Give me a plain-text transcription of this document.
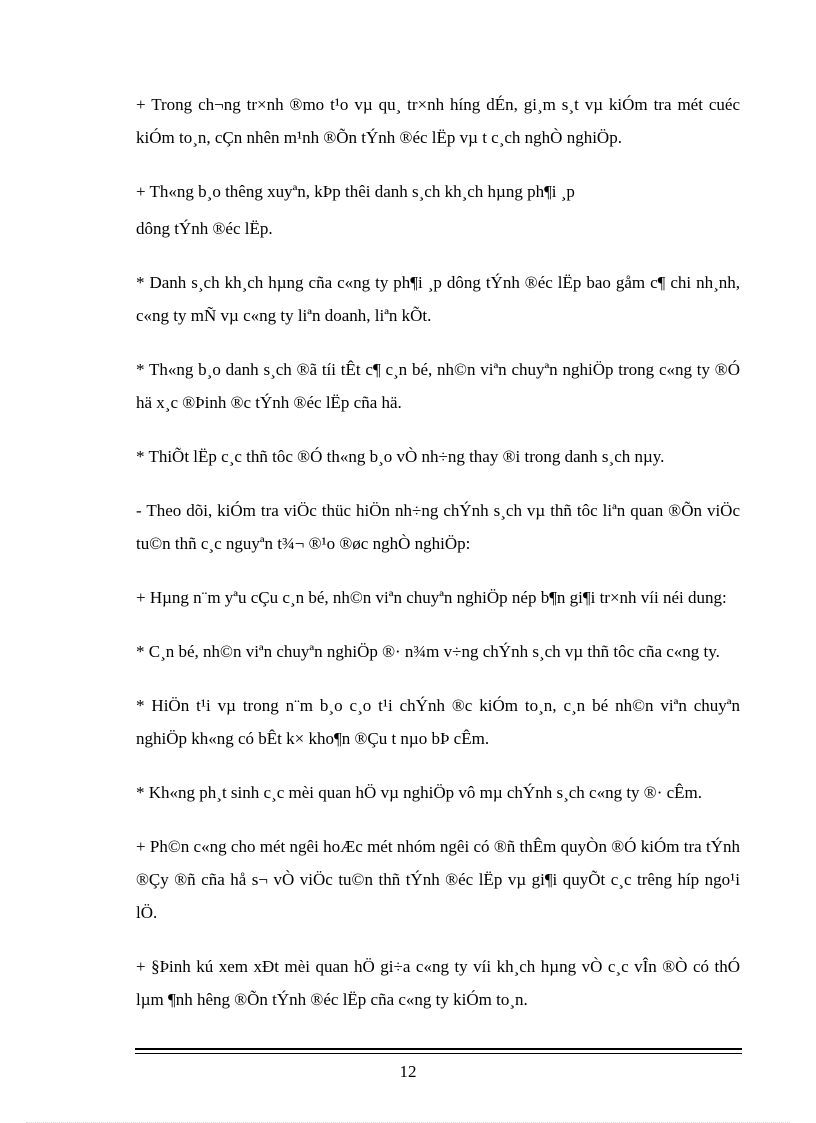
+ Trong ch¬ng tr×nh ®mo t¹o vµ qu¸ tr×nh híng dÉn, gi¸m s¸t vµ kiÓm tra mét cuéc kiÓm to¸n, cÇn nhên m¹nh ®Õn tÝnh ®éc lËp vµ t c¸ch nghÒ nghiÖp.

+ Th«ng b¸o thêng xuyªn, kÞp thêi danh s¸ch kh¸ch hµng ph¶i ¸p

dông tÝnh ®éc lËp.

* Danh s¸ch kh¸ch hµng cña c«ng ty ph¶i ¸p dông tÝnh ®éc lËp bao gåm c¶ chi nh¸nh, c«ng ty mÑ vµ c«ng ty liªn doanh, liªn kÕt.

* Th«ng b¸o danh s¸ch ®ã tíi tÊt c¶ c¸n bé, nh©n viªn chuyªn nghiÖp trong c«ng ty ®Ó hä x¸c ®Þinh ®c tÝnh ®éc lËp cña hä.

* ThiÕt lËp c¸c thñ tôc ®Ó th«ng b¸o vÒ nh÷ng thay ®i trong danh s¸ch nµy.

- Theo dõi, kiÓm tra viÖc thüc hiÖn nh÷ng chÝnh s¸ch vµ thñ tôc liªn quan ®Õn viÖc tu©n thñ c¸c nguyªn t¾¬ ®¹o ®øc nghÒ nghiÖp:

+ Hµng n¨m yªu cÇu c¸n bé, nh©n viªn chuyªn nghiÖp nép b¶n gi¶i tr×nh víi néi dung:

* C¸n bé, nh©n viªn chuyªn nghiÖp ®· n¾m v÷ng chÝnh s¸ch vµ thñ tôc cña c«ng ty.

* HiÖn t¹i vµ trong n¨m b¸o c¸o t¹i chÝnh ®c kiÓm to¸n, c¸n bé nh©n viªn chuyªn nghiÖp kh«ng có bÊt k× kho¶n ®Çu t nµo bÞ cÊm.

* Kh«ng ph¸t sinh c¸c mèi quan hÖ vµ nghiÖp vô mµ chÝnh s¸ch c«ng ty ®· cÊm.

+ Ph©n c«ng cho mét ngêi hoÆc mét nhóm ngêi có ®ñ thÊm quyÒn ®Ó kiÓm tra tÝnh ®Çy ®ñ cña hå s¬ vÒ viÖc tu©n thñ tÝnh ®éc lËp vµ gi¶i quyÕt c¸c trêng híp ngo¹i lÖ.

+ §Þinh kú xem xÐt mèi quan hÖ gi÷a c«ng ty víi kh¸ch hµng vÒ c¸c vÎn ®Ò có thÓ lµm ¶nh hêng ®Õn tÝnh ®éc lËp cña c«ng ty kiÓm to¸n.

12
